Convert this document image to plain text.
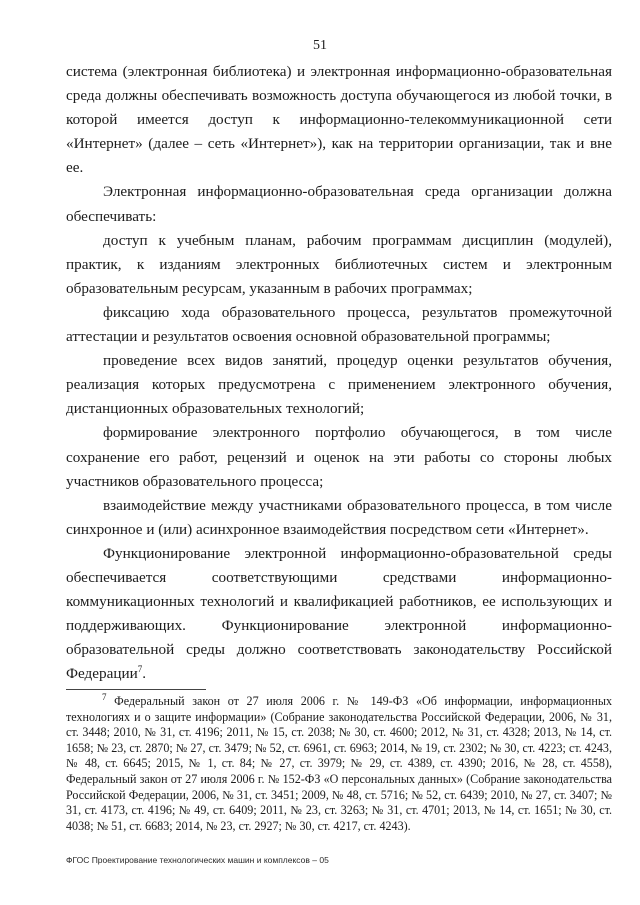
51

система (электронная библиотека) и электронная информационно-образовательная среда должны обеспечивать возможность доступа обучающегося из любой точки, в которой имеется доступ к информационно-телекоммуникационной сети «Интернет» (далее – сеть «Интернет»), как на территории организации, так и вне ее.

Электронная информационно-образовательная среда организации должна обеспечивать:

доступ к учебным планам, рабочим программам дисциплин (модулей), практик, к изданиям электронных библиотечных систем и электронным образовательным ресурсам, указанным в рабочих программах;

фиксацию хода образовательного процесса, результатов промежуточной аттестации и результатов освоения основной образовательной программы;

проведение всех видов занятий, процедур оценки результатов обучения, реализация которых предусмотрена с применением электронного обучения, дистанционных образовательных технологий;

формирование электронного портфолио обучающегося, в том числе сохранение его работ, рецензий и оценок на эти работы со стороны любых участников образовательного процесса;

взаимодействие между участниками образовательного процесса, в том числе синхронное и (или) асинхронное взаимодействия посредством сети «Интернет».

Функционирование электронной информационно-образовательной среды обеспечивается соответствующими средствами информационно-коммуникационных технологий и квалификацией работников, ее использующих и поддерживающих. Функционирование электронной информационно-образовательной среды должно соответствовать законодательству Российской Федерации$^7$.

$^7$ Федеральный закон от 27 июля 2006 г. № 149-ФЗ «Об информации, информационных технологиях и о защите информации» (Собрание законодательства Российской Федерации, 2006, № 31, ст. 3448; 2010, № 31, ст. 4196; 2011, № 15, ст. 2038; № 30, ст. 4600; 2012, № 31, ст. 4328; 2013, № 14, ст. 1658; № 23, ст. 2870; № 27, ст. 3479; № 52, ст. 6961, ст. 6963; 2014, № 19, ст. 2302; № 30, ст. 4223; ст. 4243, № 48, ст. 6645; 2015, № 1, ст. 84; № 27, ст. 3979; № 29, ст. 4389, ст. 4390; 2016, № 28, ст. 4558), Федеральный закон от 27 июля 2006 г. № 152-ФЗ «О персональных данных» (Собрание законодательства Российской Федерации, 2006, № 31, ст. 3451; 2009, № 48, ст. 5716; № 52, ст. 6439; 2010, № 27, ст. 3407; № 31, ст. 4173, ст. 4196; № 49, ст. 6409; 2011, № 23, ст. 3263; № 31, ст. 4701; 2013, № 14, ст. 1651; № 30, ст. 4038; № 51, ст. 6683; 2014, № 23, ст. 2927; № 30, ст. 4217, ст. 4243).

ФГОС Проектирование технологических машин и комплексов – 05
